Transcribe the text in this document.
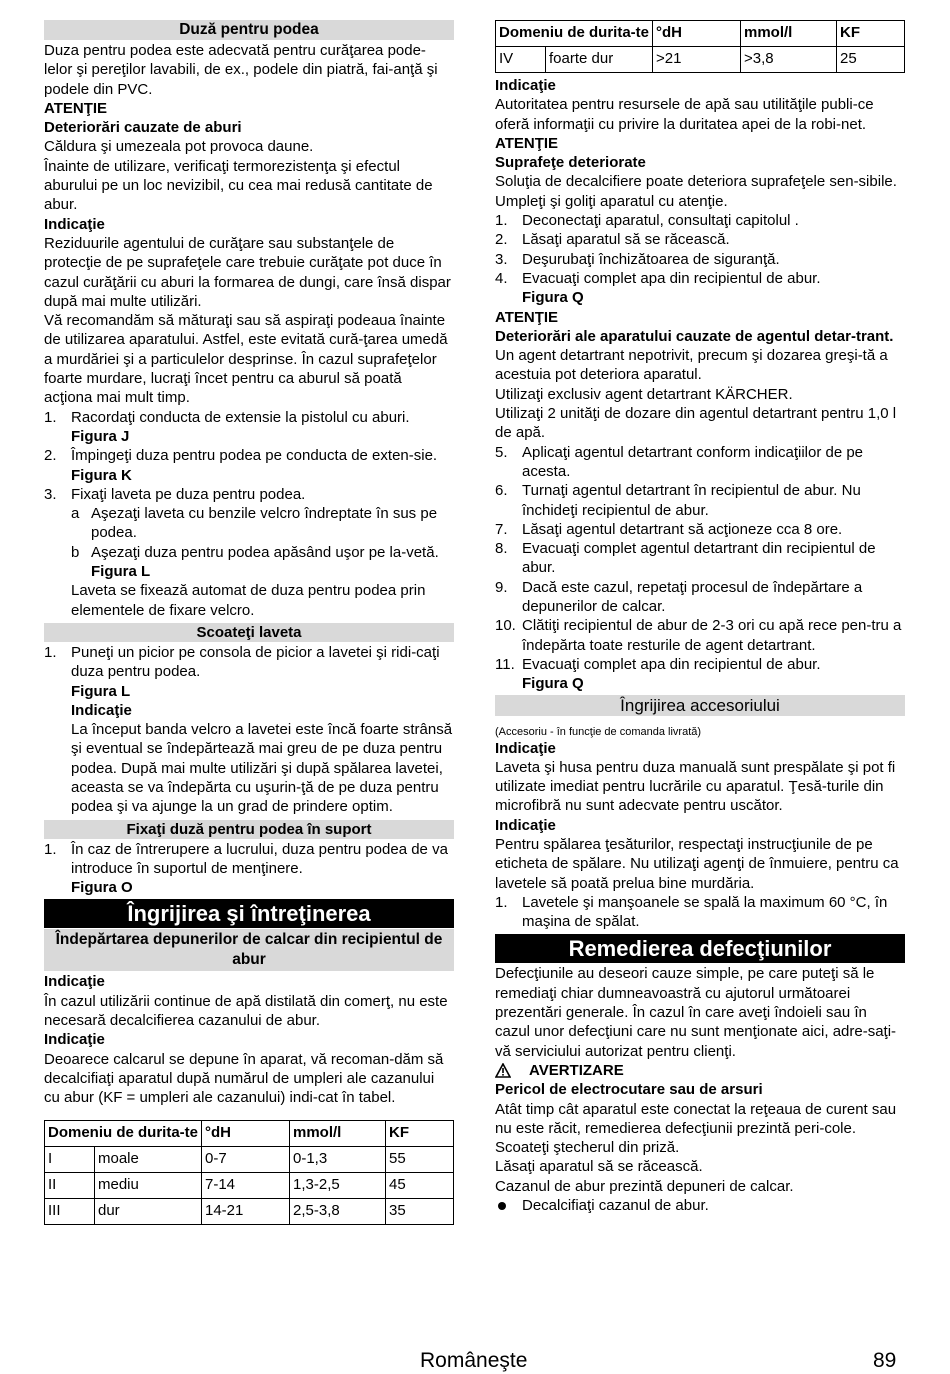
Duză pentru podea

Duza pentru podea este adecvată pentru curăţarea pode-lelor şi pereţilor lavabili, de ex., podele din piatră, fai-anţă şi podele din PVC.

ATENŢIE

Deteriorări cauzate de aburi

Căldura şi umezeala pot provoca daune.

Înainte de utilizare, verificaţi termorezistenţa şi efectul aburului pe un loc nevizibil, cu cea mai redusă cantitate de abur.

Indicaţie

Reziduurile agentului de curăţare sau substanţele de protecţie de pe suprafeţele care trebuie curăţate pot duce în cazul curăţării cu aburi la formarea de dungi, care însă dispar după mai multe utilizări.

Vă recomandăm să măturaţi sau să aspiraţi podeaua înainte de utilizarea aparatului. Astfel, este evitată cură-ţarea umedă a murdăriei şi a particulelor desprinse. În cazul suprafeţelor foarte murdare, lucraţi încet pentru ca aburul să poată acţiona mai mult timp.

1. Racordaţi conducta de extensie la pistolul cu aburi.
Figura J
2. Împingeţi duza pentru podea pe conducta de exten-sie.
Figura K
3. Fixaţi laveta pe duza pentru podea.
a Aşezaţi laveta cu benzile velcro îndreptate în sus pe podea.
b Aşezaţi duza pentru podea apăsând uşor pe la-vetă.
Figura L

Laveta se fixează automat de duza pentru podea prin elementele de fixare velcro.

Scoateţi laveta
1. Puneţi un picior pe consola de picior a lavetei şi ridi-caţi duza pentru podea.
Figura L
Indicaţie
La început banda velcro a lavetei este încă foarte strânsă şi eventual se îndepărtează mai greu de pe duza pentru podea. După mai multe utilizări şi după spălarea lavetei, aceasta se va îndepărta cu uşurin-ţă de pe duza pentru podea şi va ajunge la un grad de prindere optim.
Fixaţi duză pentru podea în suport
1. În caz de întrerupere a lucrului, duza pentru podea de va introduce în suportul de menţinere.
Figura O
Îngrijirea şi întreţinerea
Îndepărtarea depunerilor de calcar din recipientul de abur

Indicaţie

În cazul utilizării continue de apă distilată din comerţ, nu este necesară decalcifierea cazanului de abur.

Indicaţie

Deoarece calcarul se depune în aparat, vă recoman-dăm să decalcifiaţi aparatul după numărul de umpleri ale cazanului cu abur (KF = umpleri ale cazanului) indi-cat în tabel.

Domeniu de durita-te		°dH	mmol/l	KF
I	moale	0-7	0-1,3	55
II	mediu	7-14	1,3-2,5	45
III	dur	14-21	2,5-3,8	35
Domeniu de durita-te		°dH	mmol/l	KF
IV	foarte dur	>21	>3,8	25

Indicaţie

Autoritatea pentru resursele de apă sau utilităţile publi-ce oferă informaţii cu privire la duritatea apei de la robi-net.

ATENŢIE

Suprafeţe deteriorate

Soluţia de decalcifiere poate deteriora suprafeţele sen-sibile.

Umpleţi şi goliţi aparatul cu atenţie.

1. Deconectaţi aparatul, consultaţi capitolul .
2. Lăsaţi aparatul să se răcească.
3. Deşurubaţi închizătoarea de siguranţă.
4. Evacuaţi complet apa din recipientul de abur.
Figura Q

ATENŢIE

Deteriorări ale aparatului cauzate de agentul detar-trant.

Un agent detartrant nepotrivit, precum şi dozarea greşi-tă a acestuia pot deteriora aparatul.

Utilizaţi exclusiv agent detartrant KÄRCHER.

Utilizaţi 2 unităţi de dozare din agentul detartrant pentru 1,0 l de apă.

5. Aplicaţi agentul detartrant conform indicaţiilor de pe acesta.
6. Turnaţi agentul detartrant în recipientul de abur. Nu închideţi recipientul de abur.
7. Lăsaţi agentul detartrant să acţioneze cca 8 ore.
8. Evacuaţi complet agentul detartrant din recipientul de abur.
9. Dacă este cazul, repetaţi procesul de îndepărtare a depunerilor de calcar.
10. Clătiţi recipientul de abur de 2-3 ori cu apă rece pen-tru a îndepărta toate resturile de agent detartrant.
11. Evacuaţi complet apa din recipientul de abur.
Figura Q
Îngrijirea accesoriului

(Accesoriu - în funcţie de comanda livrată)

Indicaţie

Laveta şi husa pentru duza manuală sunt prespălate şi pot fi utilizate imediat pentru lucrările cu aparatul. Ţesă-turile din microfibră nu sunt adecvate pentru uscător.

Indicaţie

Pentru spălarea ţesăturilor, respectaţi instrucţiunile de pe eticheta de spălare. Nu utilizaţi agenţi de înmuiere, pentru ca lavetele să poată prelua bine murdăria.

1. Lavetele şi manşoanele se spală la maximum 60 °C, în maşina de spălat.
Remedierea defecţiunilor

Defecţiunile au deseori cauze simple, pe care puteţi să le remediaţi chiar dumneavoastră cu ajutorul următoarei prezentări generale. În cazul în care aveţi îndoieli sau în cazul unor defecţiuni care nu sunt menţionate aici, adre-saţi-vă serviciului autorizat pentru clienţi.

AVERTIZARE

Pericol de electrocutare sau de arsuri

Atât timp cât aparatul este conectat la reţeaua de curent sau nu este răcit, remedierea defecţiunii prezintă peri-cole.

Scoateţi ştecherul din priză.

Lăsaţi aparatul să se răcească.

Cazanul de abur prezintă depuneri de calcar.

Decalcifiaţi cazanul de abur.
Româneşte	89
